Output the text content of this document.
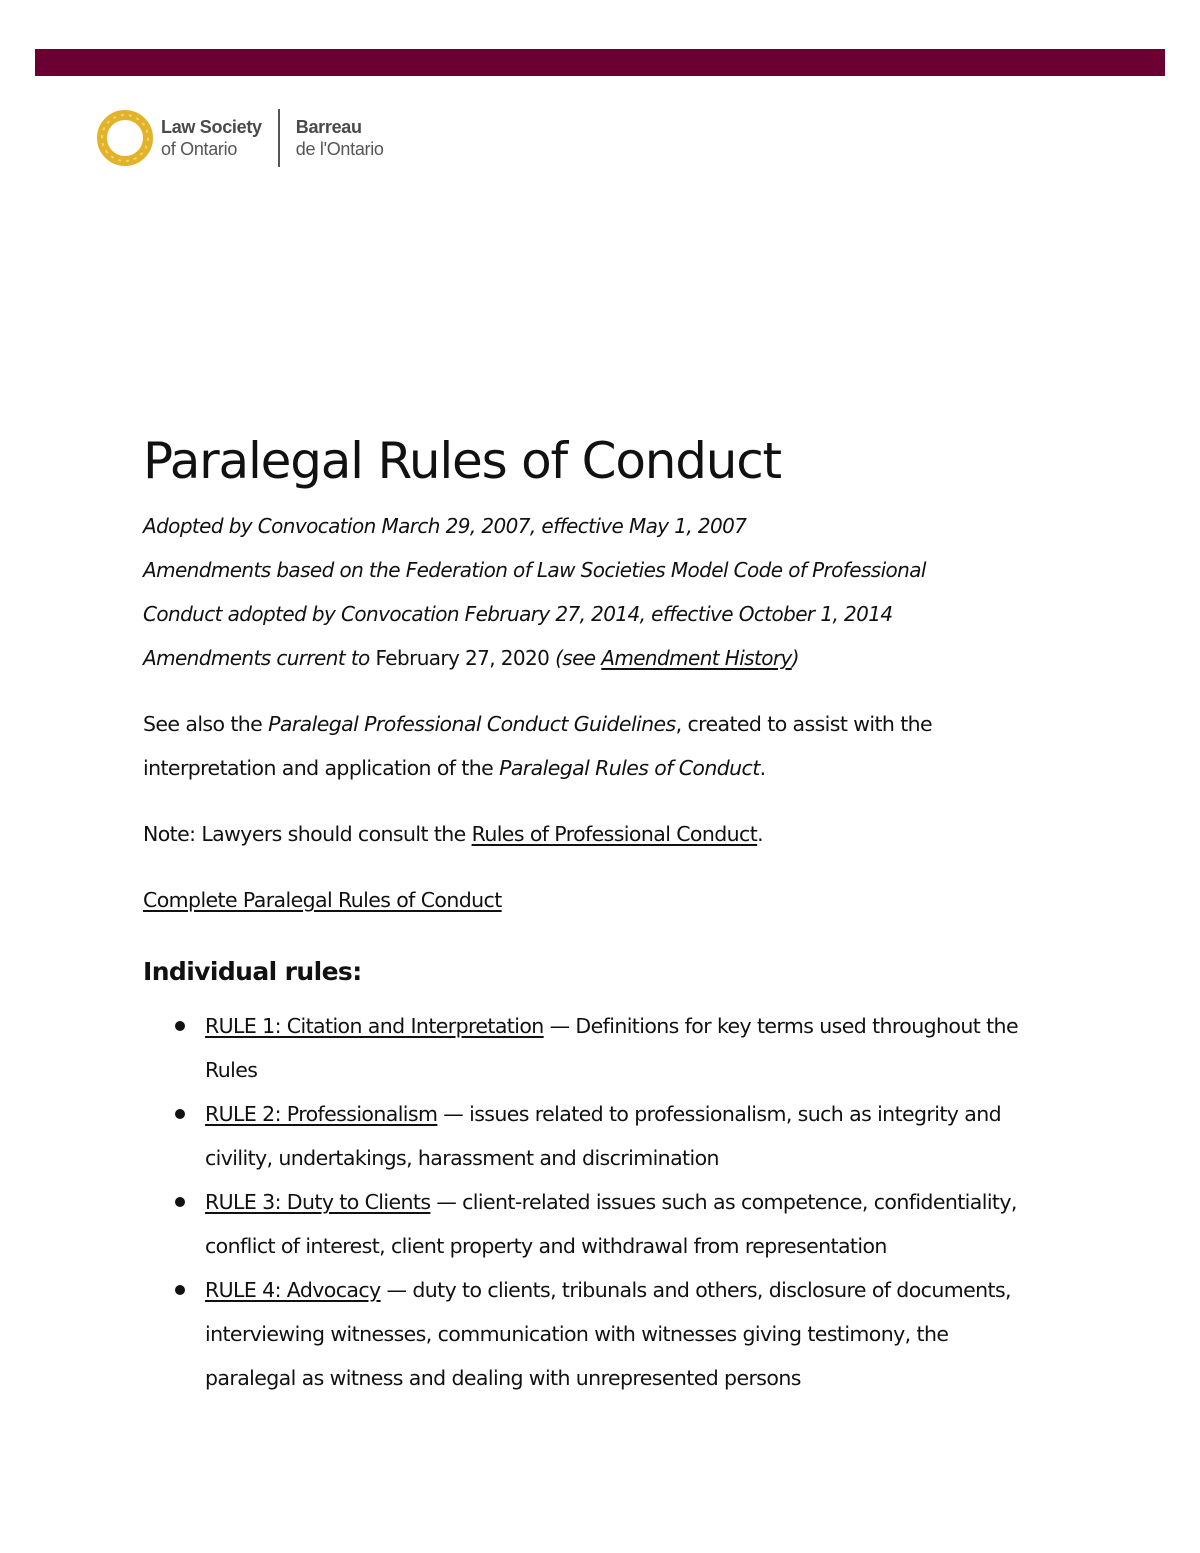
Law Society
of Ontario
Barreau
de l'Ontario
Paralegal Rules of Conduct
Adopted by Convocation March 29, 2007, effective May 1, 2007
Amendments based on the Federation of Law Societies Model Code of Professional
Conduct adopted by Convocation February 27, 2014, effective October 1, 2014
Amendments current to February 27, 2020 (see Amendment History)

See also the Paralegal Professional Conduct Guidelines, created to assist with the interpretation and application of the Paralegal Rules of Conduct.

Note: Lawyers should consult the Rules of Professional Conduct.

Complete Paralegal Rules of Conduct

Individual rules:
RULE 1: Citation and Interpretation — Definitions for key terms used throughout the Rules
RULE 2: Professionalism — issues related to professionalism, such as integrity and civility, undertakings, harassment and discrimination
RULE 3: Duty to Clients — client-related issues such as competence, confidentiality, conflict of interest, client property and withdrawal from representation
RULE 4: Advocacy — duty to clients, tribunals and others, disclosure of documents, interviewing witnesses, communication with witnesses giving testimony, the paralegal as witness and dealing with unrepresented persons
